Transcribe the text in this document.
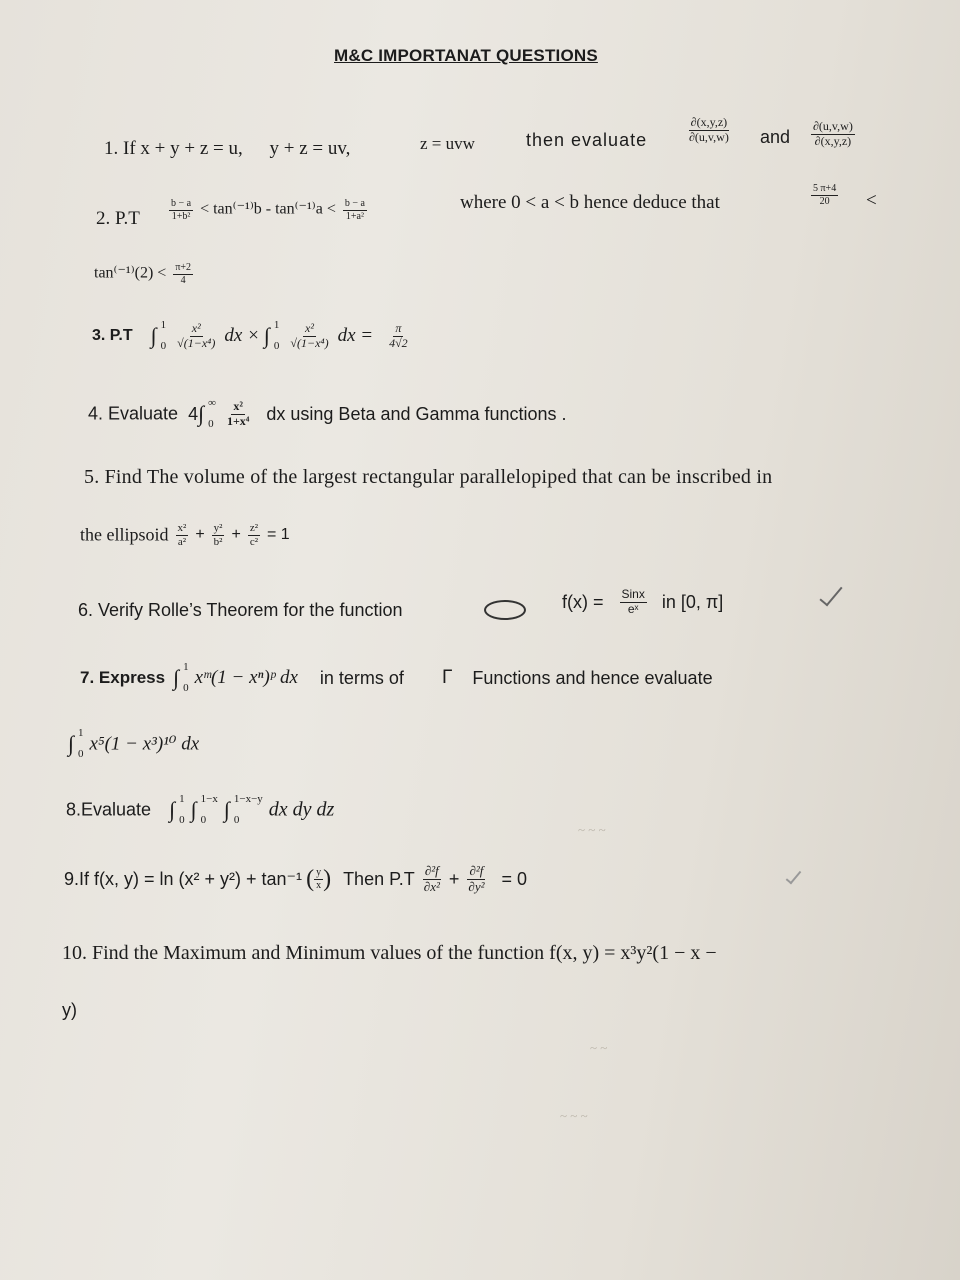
M&C IMPORTANAT QUESTIONS
1. If x + y + z = u, y + z = uv,	z = uvw	then evaluate	$\frac{\partial(x,y,z)}{\partial(u,v,w)}$ and $\frac{\partial(u,v,w)}{\partial(x,y,z)}$
2. P.T	$\frac{b - a}{\text{1+b²}} < \tan^{(-1)}b - \tan^{(-1)}a < \frac{b - a}{\text{1+a²}}$	where 0 < a < b hence deduce that	$\frac{5 \pi+4}{20}$ <
$\tan^{(-1)}(2) < \frac{\pi+2}{4}$
3. P.T ∫ 1
0
$\frac{\text{x²}}{\text{√(1−x⁴)}}$ dx × ∫ 1
0
$\frac{\text{x²}}{\text{√(1−x⁴)}}$ dx = $\frac{\pi}{4√2}$
4. Evaluate 4∫ ∞
0
$\frac{\text{x²}}{\text{1+x⁴}}$ dx using Beta and Gamma functions .
5. Find The volume of the largest rectangular parallelopiped that can be inscribed in
the ellipsoid $\frac{\text{x²}}{\text{a²}} + \frac{\text{y²}}{\text{b²}} + \frac{\text{z²}}{\text{c²}} = 1$
6. Verify Rolle’s Theorem for the function	$f(x) = \frac{\text{Sinx}}{\text{eˣ}}$ in [0, π]
7. Express ∫ 1
0 xᵐ(1 − xⁿ)ᵖ dx in terms of Γ Functions and hence evaluate
∫ 1
0 x⁵(1 − x³)¹⁰ dx
8.Evaluate ∫ 1
0 ∫ 1−x
0 ∫ 1−x−y
0	dx dy dz
9.If f(x, y) = ln (x² + y²) + tan⁻¹ ( $\frac{y}{x}$ ) Then $P.T \frac{\text{∂²f}}{\text{∂x²}} + \frac{\text{∂²f}}{\text{∂y²}} = 0$
10. Find the Maximum and Minimum values of the function f(x, y) = x³y²(1 − x −
y)
~ ~ ~
~ ~
~ ~ ~
